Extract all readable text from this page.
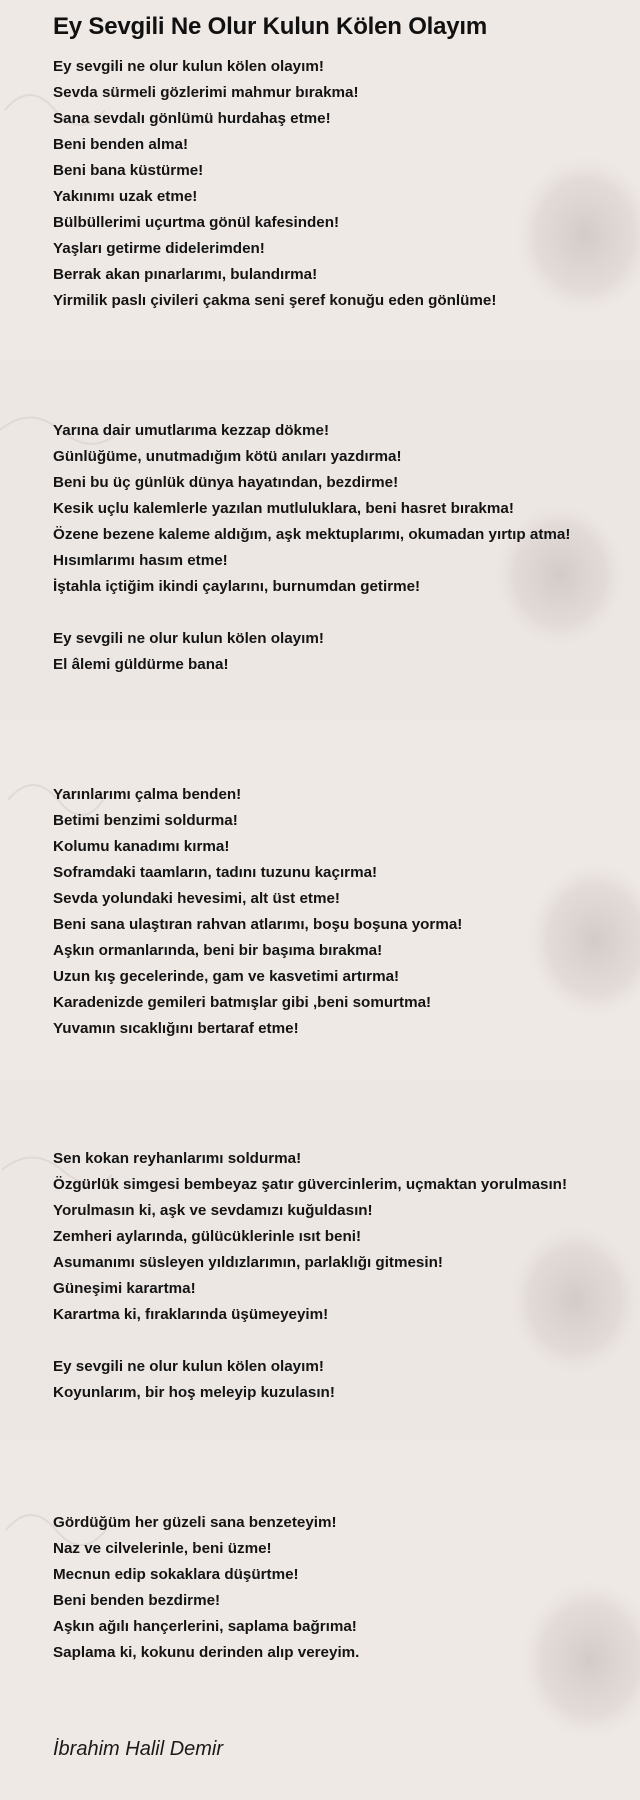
Ey Sevgili Ne Olur Kulun Kölen Olayım
Ey sevgili ne olur kulun kölen olayım!
Sevda sürmeli gözlerimi mahmur bırakma!
Sana sevdalı gönlümü hurdahaş etme!
Beni benden alma!
Beni bana küstürme!
Yakınımı uzak etme!
Bülbüllerimi uçurtma gönül kafesinden!
Yaşları getirme didelerimden!
Berrak akan pınarlarımı, bulandırma!
Yirmilik paslı çivileri çakma seni şeref konuğu eden gönlüme!
Yarına dair umutlarıma kezzap dökme!
Günlüğüme, unutmadığım kötü anıları yazdırma!
Beni bu üç günlük dünya hayatından, bezdirme!
Kesik uçlu kalemlerle yazılan mutluluklara, beni hasret bırakma!
Özene bezene kaleme aldığım, aşk mektuplarımı, okumadan yırtıp atma!
Hısımlarımı hasım etme!
İştahla içtiğim ikindi çaylarını, burnumdan getirme!
Ey sevgili ne olur kulun kölen olayım!
El âlemi güldürme bana!
Yarınlarımı çalma benden!
Betimi benzimi soldurma!
Kolumu kanadımı kırma!
Soframdaki taamların, tadını tuzunu kaçırma!
Sevda yolundaki hevesimi, alt üst etme!
Beni sana ulaştıran rahvan atlarımı, boşu boşuna yorma!
Aşkın ormanlarında, beni bir başıma bırakma!
Uzun kış gecelerinde, gam ve kasvetimi artırma!
Karadenizde gemileri batmışlar gibi ,beni somurtma!
Yuvamın sıcaklığını bertaraf etme!
Sen kokan reyhanlarımı soldurma!
Özgürlük simgesi bembeyaz şatır güvercinlerim, uçmaktan yorulmasın!
Yorulmasın ki, aşk ve sevdamızı kuğuldasın!
Zemheri aylarında, gülücüklerinle ısıt beni!
Asumanımı süsleyen yıldızlarımın, parlaklığı gitmesin!
Güneşimi karartma!
Karartma ki, fıraklarında üşümeyeyim!
Ey sevgili ne olur kulun kölen olayım!
Koyunlarım, bir hoş meleyip kuzulasın!
Gördüğüm her güzeli sana benzeteyim!
Naz ve cilvelerinle, beni üzme!
Mecnun edip sokaklara düşürtme!
Beni benden bezdirme!
Aşkın ağılı hançerlerini, saplama bağrıma!
Saplama ki, kokunu derinden alıp vereyim.
İbrahim Halil Demir
